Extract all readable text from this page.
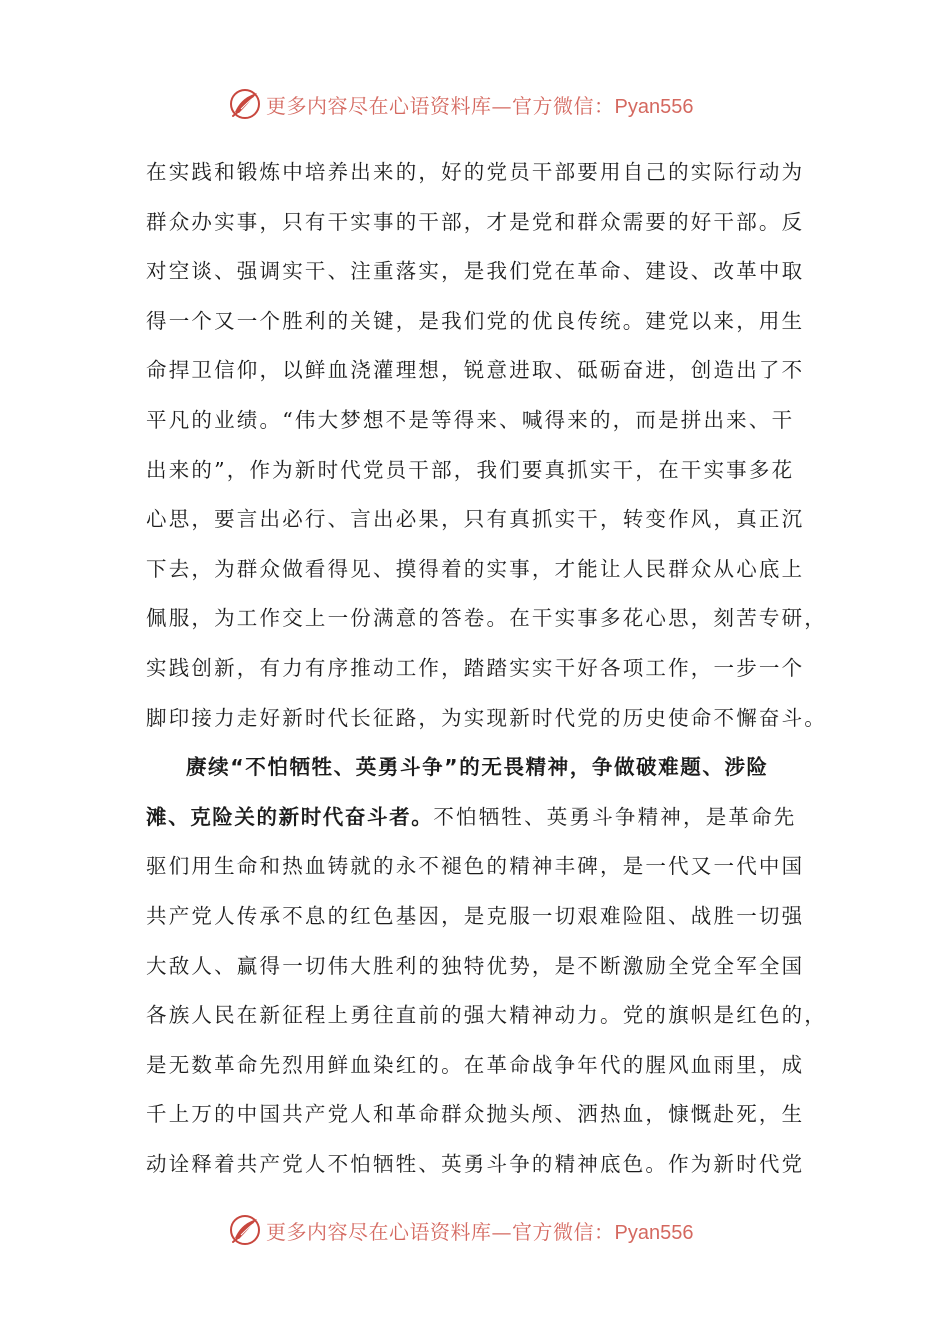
更多内容尽在心语资料库—官方微信：Pyan556
在实践和锻炼中培养出来的，好的党员干部要用自己的实际行动为
群众办实事，只有干实事的干部，才是党和群众需要的好干部。反
对空谈、强调实干、注重落实，是我们党在革命、建设、改革中取
得一个又一个胜利的关键，是我们党的优良传统。建党以来，用生
命捍卫信仰，以鲜血浇灌理想，锐意进取、砥砺奋进，创造出了不
平凡的业绩。“伟大梦想不是等得来、喊得来的，而是拼出来、干
出来的”，作为新时代党员干部，我们要真抓实干，在干实事多花
心思，要言出必行、言出必果，只有真抓实干，转变作风，真正沉
下去，为群众做看得见、摸得着的实事，才能让人民群众从心底上
佩服，为工作交上一份满意的答卷。在干实事多花心思，刻苦专研，
实践创新，有力有序推动工作，踏踏实实干好各项工作，一步一个
脚印接力走好新时代长征路，为实现新时代党的历史使命不懈奋斗。
赓续“不怕牺牲、英勇斗争”的无畏精神，争做破难题、涉险
滩、克险关的新时代奋斗者。不怕牺牲、英勇斗争精神，是革命先
驱们用生命和热血铸就的永不褪色的精神丰碑，是一代又一代中国
共产党人传承不息的红色基因，是克服一切艰难险阻、战胜一切强
大敌人、赢得一切伟大胜利的独特优势，是不断激励全党全军全国
各族人民在新征程上勇往直前的强大精神动力。党的旗帜是红色的，
是无数革命先烈用鲜血染红的。在革命战争年代的腥风血雨里，成
千上万的中国共产党人和革命群众抛头颅、洒热血，慷慨赴死，生
动诠释着共产党人不怕牺牲、英勇斗争的精神底色。作为新时代党
更多内容尽在心语资料库—官方微信：Pyan556
